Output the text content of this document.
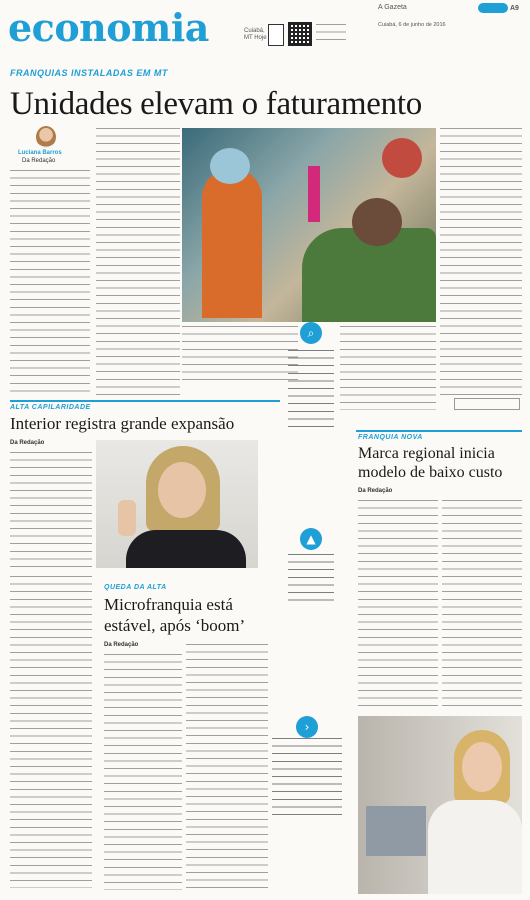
economia	Cuiabá,
MT Hoje
A Gazeta	A9
Cuiabá, 6 de junho de 2016
FRANQUIAS INSTALADAS EM MT
Unidades elevam o faturamento
Luciana Barros
Da Redação
⌕
ALTA CAPILARIDADE
Interior registra grande expansão
Da Redação
QUEDA DA ALTA
Microfranquia está
estável, após ‘boom’
Da Redação
▲
›
FRANQUIA NOVA
Marca regional inicia
modelo de baixo custo
Da Redação
